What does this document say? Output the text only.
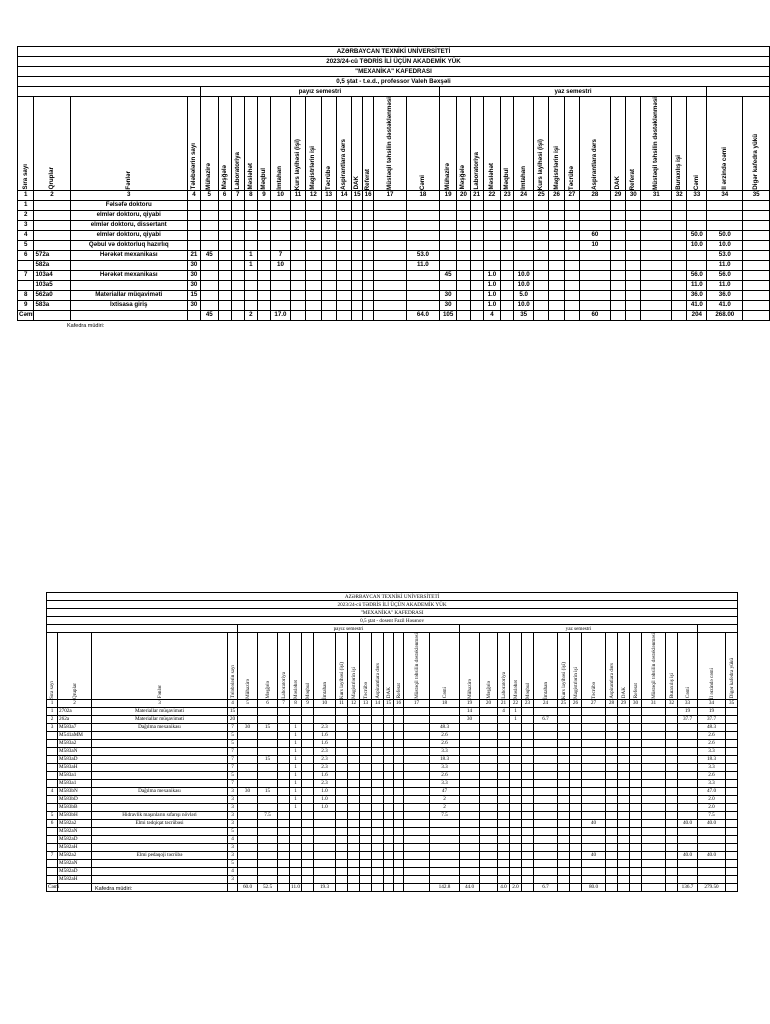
AZƏRBAYCAN TEXNİKİ UNİVERSİTETİ																																		
2023/24-cü TƏDRİS İLİ ÜÇÜN AKADEMİK YÜK																																		
"MEXANİKA" KAFEDRASI																																		
0,5 ştat - t.e.d., professor Valeh Bəxşəli																																		
				payız semestri														yaz semestri																

Sıra sayı	Qruplar	Fənlər	Tələbələrin sayı	Mühazirə	Məşğələ	Laboratoriya	Məsləhət	Məqbul	İmtahan	Kurs layihəsi (işi)	Magistrlərin işi	Təcrübə	Aspirantlara dərs	DAK	Referat	Müstəqil təhsilin dəstəklənməsi	Cəmi	Mühazirə	Məşğələ	Laboratoriya	Məsləhət	Məqbul	İmtahan	Kurs layihəsi (işi)	Magistrlərin işi	Təcrübə	Aspirantlara dərs	DAK	Referat	Müstəqil təhsilin dəstəklənməsi	Buraxılış işi	Cəmi	İl ərzində cəmi	Digər kafedra yükü

1	2	3	4	5	6	7	8	9	10	11	12	13	14	15	16	17	18	19	20	21	22	23	24	25	26	27	28	29	30	31	32	33	34	35
1		Fəlsəfə doktoru																																
2		elmlər doktoru, qiyabi																																
3		elmlər doktoru, dissertant																																
4		elmlər doktoru, qiyabi																									60					50.0	50.0	
5		Qəbul və doktorluq hazırlıq																									10					10.0	10.0	
6	572a	Hərəkət mexanikası	21	45			1		7								53.0																53.0	
	582a		30				1		10								11.0																11.0	
7	103a4	Hərəkət mexanikası	30															45			1.0		10.0									56.0	56.0	
	103a5		30																		1.0		10.0									11.0	11.0	
8	562a0	Materiallar müqaviməti	15															30			1.0		5.0									36.0	36.0	
9	583a	İxtisasa giriş	30															30			1.0		10.0									41.0	41.0	
Cəmi				45			2		17.0								64.0	105			4		35				60					204	268.00	
Kafedra müdiri:
AZƏRBAYCAN TEXNİKİ UNİVERSİTETİ																																		
2023/24-cü TƏDRİS İLİ ÜÇÜN AKADEMİK YÜK																																		
"MEXANİKA" KAFEDRASI																																		
0,5 ştat - dosent Fazil Həsənov																																		
				payız semestri														yaz semestri																

Sıra sayı	Qruplar	Fənlər	Tələbələrin sayı	Mühazirə	Məşğələ	Laboratoriya	Məsləhət	Məqbul	İmtahan	Kurs layihəsi (işi)	Magistrlərin işi	Təcrübə	Aspirantlara dərs	DAK	Referat	Müstəqil təhsilin dəstəklənməsi	Cəmi	Mühazirə	Məşğələ	Laboratoriya	Məsləhət	Məqbul	İmtahan	Kurs layihəsi (işi)	Magistrlərin işi	Təcrübə	Aspirantlara dərs	DAK	Referat	Müstəqil təhsilin dəstəklənməsi	Buraxılış işi	Cəmi	İl ərzində cəmi	Digər kafedra yükü

1	2	3	4	5	6	7	8	9	10	11	12	13	14	15	16	17	18	19	20	21	22	23	24	25	26	27	28	29	30	31	32	33	34	35
1	2702a	Materiallar müqaviməti	15															14		4	1											19	19	
2	262a	Materiallar müqaviməti	20															30			1		6.7									37.7	37.7	
3	M583a7	Dağılma mexanikası	7	30	15		1		2.3								48.3																48.3	
	M541aMM		5				1		1.6								2.6																2.6	
	M583a2		5				1		1.6								2.6																2.6	
	M583aN		7				1		2.3								3.3																3.3	
	M583aD		7		15		1		2.3								18.3																18.3	
	M583aH		7				1		2.3								3.3																3.3	
	M583a1		5				1		1.6								2.6																2.6	
	M583a1		7				1		2.3								3.3																3.3	
4	M583bN	Dağılma mexanikası	3	30	15		1		1.0								47																47.0	
	M583bD		3				1		1.0								2																2.0	
	M583bB		3				1		1.0								2																2.0	
5	M583bH	Hidravlik maşınların sıfarışı növləri	3		7.5												7.5																7.5	
6	M582a2	Elmi tədqiqat təcrübəsi	3																							40						40.0	40.0	
	M582aN		5																															
	M582aD		4																															
	M582aH		3																															
7	M582a2	Elmi pedaqoji təcrübə	3																							40						40.0	40.0	
	M582aN		5																															
	M582aD		4																															
	M582aH		3																															
Cəmi				60.0	52.5		11.0		19.3								142.8	44.0		4.0	2.0		6.7			80.0						136.7	279.50	
Kafedra müdiri:
